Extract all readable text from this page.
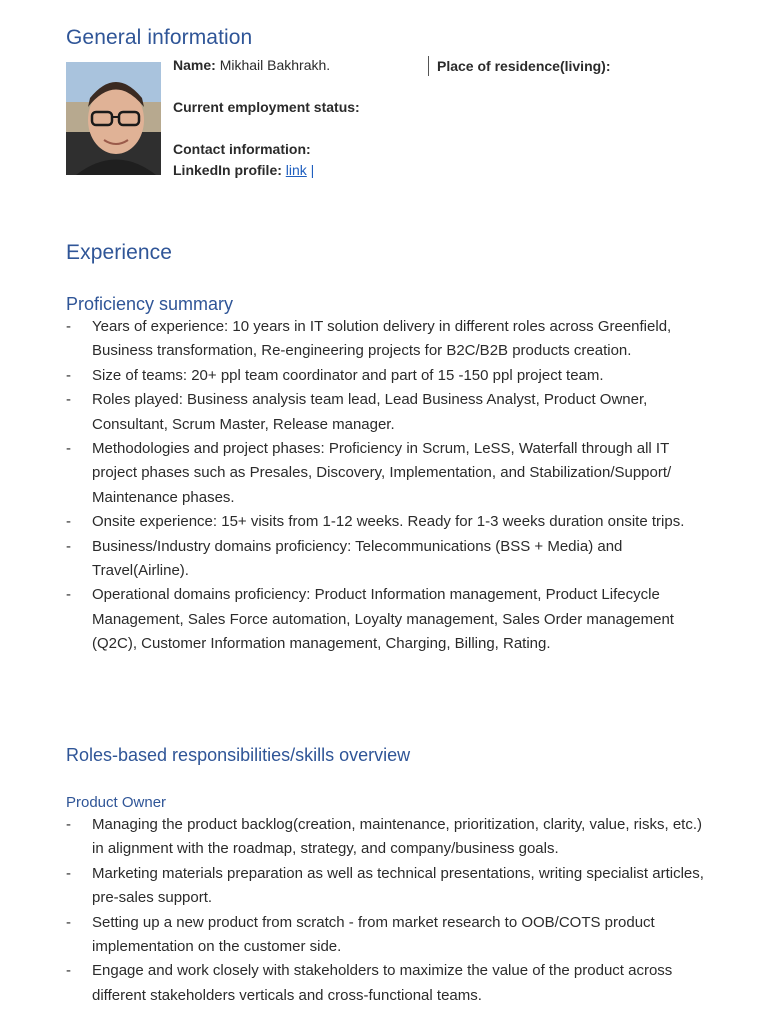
General information
Name: Mikhail Bakhrakh.	Place of residence(living):
Current employment status:
Contact information:
LinkedIn profile: link |
Experience
Proficiency summary
- Years of experience: 10 years in IT solution delivery in different roles across Greenfield, Business transformation, Re-engineering projects for B2C/B2B products creation.
- Size of teams: 20+ ppl team coordinator and part of 15 -150 ppl project team.
- Roles played: Business analysis team lead, Lead Business Analyst, Product Owner, Consultant, Scrum Master, Release manager.
- Methodologies and project phases: Proficiency in Scrum, LeSS, Waterfall through all IT project phases such as Presales, Discovery, Implementation, and Stabilization/Support/ Maintenance phases.
- Onsite experience: 15+ visits from 1-12 weeks. Ready for 1-3 weeks duration onsite trips.
- Business/Industry domains proficiency: Telecommunications (BSS + Media) and Travel(Airline).
- Operational domains proficiency: Product Information management, Product Lifecycle Management, Sales Force automation, Loyalty management, Sales Order management (Q2C), Customer Information management, Charging, Billing, Rating.
Roles-based responsibilities/skills overview
Product Owner
- Managing the product backlog(creation, maintenance, prioritization, clarity, value, risks, etc.) in alignment with the roadmap, strategy, and company/business goals.
- Marketing materials preparation as well as technical presentations, writing specialist articles, pre-sales support.
- Setting up a new product from scratch - from market research to OOB/COTS product implementation on the customer side.
- Engage and work closely with stakeholders to maximize the value of the product across different stakeholders verticals and cross-functional teams.
